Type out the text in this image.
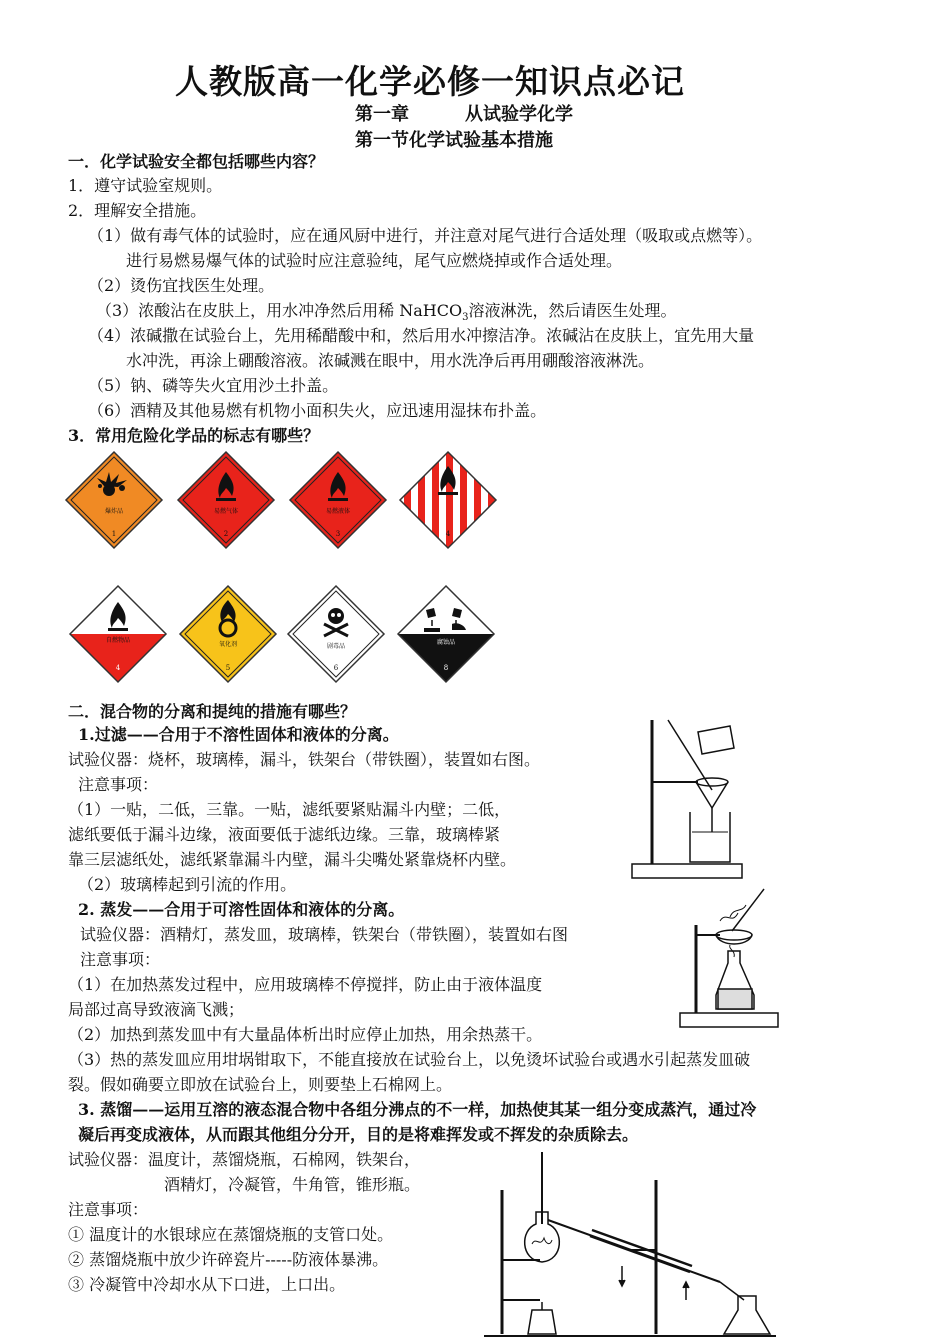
人教版高一化学必修一知识点必记
第一章	从试验学化学
第一节化学试验基本措施
一．化学试验安全都包括哪些内容？
1．遵守试验室规则。
2．理解安全措施。
（1）做有毒气体的试验时，应在通风厨中进行，并注意对尾气进行合适处理（吸取或点燃等）。
进行易燃易爆气体的试验时应注意验纯，尾气应燃烧掉或作合适处理。
（2）烫伤宜找医生处理。
（3）浓酸沾在皮肤上，用水冲净然后用稀 NaHCO$_3$溶液淋洗，然后请医生处理。
（4）浓碱撒在试验台上，先用稀醋酸中和，然后用水冲擦洁净。浓碱沾在皮肤上，宜先用大量
水冲洗，再涂上硼酸溶液。浓碱溅在眼中，用水洗净后再用硼酸溶液淋洗。
（5）钠、磷等失火宜用沙土扑盖。
（6）酒精及其他易燃有机物小面积失火，应迅速用湿抹布扑盖。
3．常用危险化学品的标志有哪些？
爆炸品
1
易燃气体
2
易燃液体
3	4
自燃物品
4
氧化剂
5
剧毒品
6
腐蚀品
8
二．混合物的分离和提纯的措施有哪些？
1.过滤——合用于不溶性固体和液体的分离。
试验仪器：烧杯，玻璃棒，漏斗，铁架台（带铁圈），装置如右图。
注意事项：
（1）一贴，二低，三靠。一贴，滤纸要紧贴漏斗内壁；二低，
滤纸要低于漏斗边缘，液面要低于滤纸边缘。三靠，玻璃棒紧
靠三层滤纸处，滤纸紧靠漏斗内壁，漏斗尖嘴处紧靠烧杯内壁。
（2）玻璃棒起到引流的作用。
2. 蒸发——合用于可溶性固体和液体的分离。
试验仪器：酒精灯，蒸发皿，玻璃棒，铁架台（带铁圈），装置如右图
注意事项：
（1）在加热蒸发过程中，应用玻璃棒不停搅拌，防止由于液体温度
局部过高导致液滴飞溅；
（2）加热到蒸发皿中有大量晶体析出时应停止加热，用余热蒸干。
（3）热的蒸发皿应用坩埚钳取下，不能直接放在试验台上，以免烫坏试验台或遇水引起蒸发皿破
裂。假如确要立即放在试验台上，则要垫上石棉网上。
3. 蒸馏——运用互溶的液态混合物中各组分沸点的不一样，加热使其某一组分变成蒸汽，通过冷
凝后再变成液体，从而跟其他组分分开，目的是将难挥发或不挥发的杂质除去。
试验仪器：温度计，蒸馏烧瓶，石棉网，铁架台，
酒精灯，冷凝管，牛角管，锥形瓶。
注意事项：
① 温度计的水银球应在蒸馏烧瓶的支管口处。
② 蒸馏烧瓶中放少许碎瓷片-----防液体暴沸。
③ 冷凝管中冷却水从下口进，上口出。
